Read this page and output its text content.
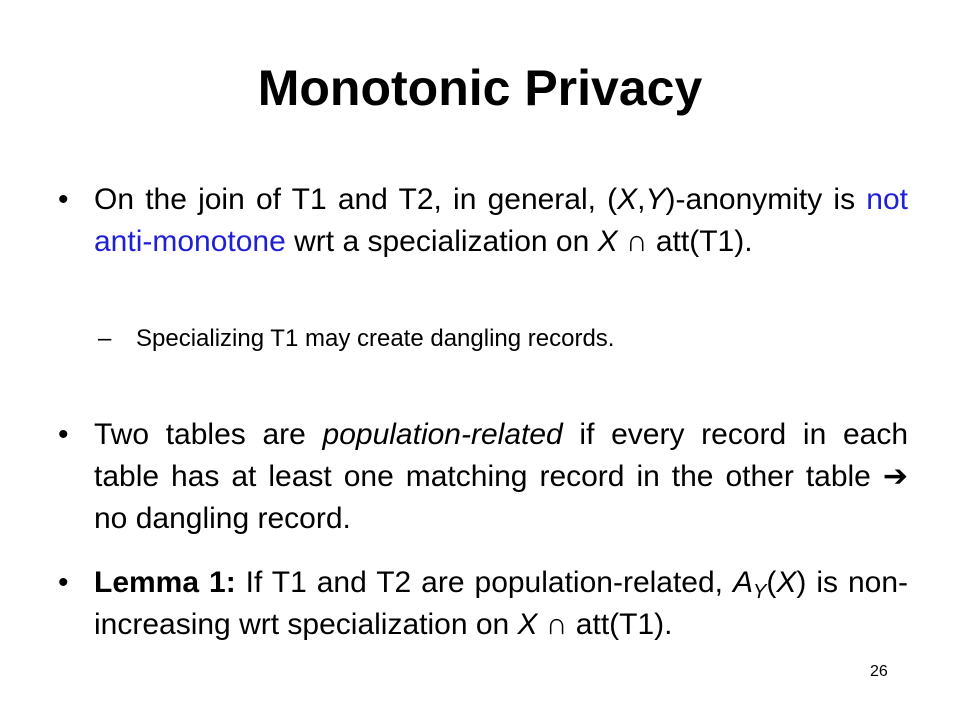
Monotonic Privacy
• On the join of T1 and T2, in general, (X,Y)-anonymity is not anti-monotone wrt a specialization on X ∩ att(T1).
– Specializing T1 may create dangling records.
• Two tables are population-related if every record in each table has at least one matching record in the other table ➔ no dangling record.
• Lemma 1: If T1 and T2 are population-related, $A_Y(X)$ is non-increasing wrt specialization on X ∩ att(T1).
26
